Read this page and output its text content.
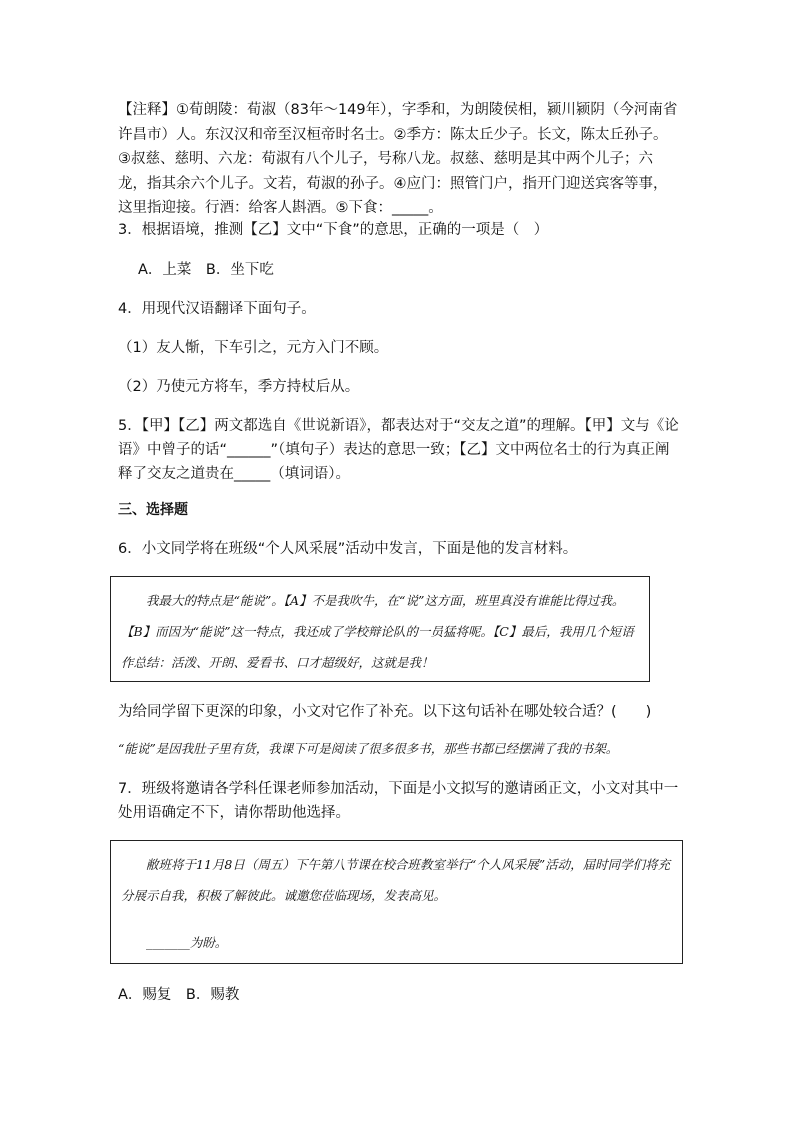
【注释】①荀朗陵：荀淑（83年～149年），字季和，为朗陵侯相，颍川颍阴（今河南省许昌市）人。东汉汉和帝至汉桓帝时名士。②季方：陈太丘少子。长文，陈太丘孙子。③叔慈、慈明、六龙：荀淑有八个儿子，号称八龙。叔慈、慈明是其中两个儿子；六龙，指其余六个儿子。文若，荀淑的孙子。④应门：照管门户，指开门迎送宾客等事，这里指迎接。行酒：给客人斟酒。⑤下食：_____。

3．根据语境，推测【乙】文中“下食”的意思，正确的一项是（　）

A．上菜　B．坐下吃

4．用现代汉语翻译下面句子。

（1）友人惭，下车引之，元方入门不顾。

（2）乃使元方将车，季方持杖后从。

5．【甲】【乙】两文都选自《世说新语》，都表达对于“交友之道”的理解。【甲】文与《论语》中曾子的话“______”（填句子）表达的意思一致；【乙】文中两位名士的行为真正阐释了交友之道贵在_____（填词语）。

三、选择题

6．小文同学将在班级“个人风采展”活动中发言，下面是他的发言材料。

　　我最大的特点是“能说”。【A】不是我吹牛，在“说”这方面，班里真没有谁能比得过我。【B】而因为“能说”这一特点，我还成了学校辩论队的一员猛将呢。【C】最后，我用几个短语作总结：活泼、开朗、爱看书、口才超级好，这就是我！

为给同学留下更深的印象，小文对它作了补充。以下这句话补在哪处较合适？(　　)

“能说”是因我肚子里有货，我课下可是阅读了很多很多书，那些书都已经摆满了我的书架。

7．班级将邀请各学科任课老师参加活动，下面是小文拟写的邀请函正文，小文对其中一处用语确定不下，请你帮助他选择。

　　敝班将于11月8日（周五）下午第八节课在校合班教室举行“个人风采展”活动，届时同学们将充分展示自我，积极了解彼此。诚邀您莅临现场，发表高见。

　　_______为盼。

A．赐复　B．赐教
